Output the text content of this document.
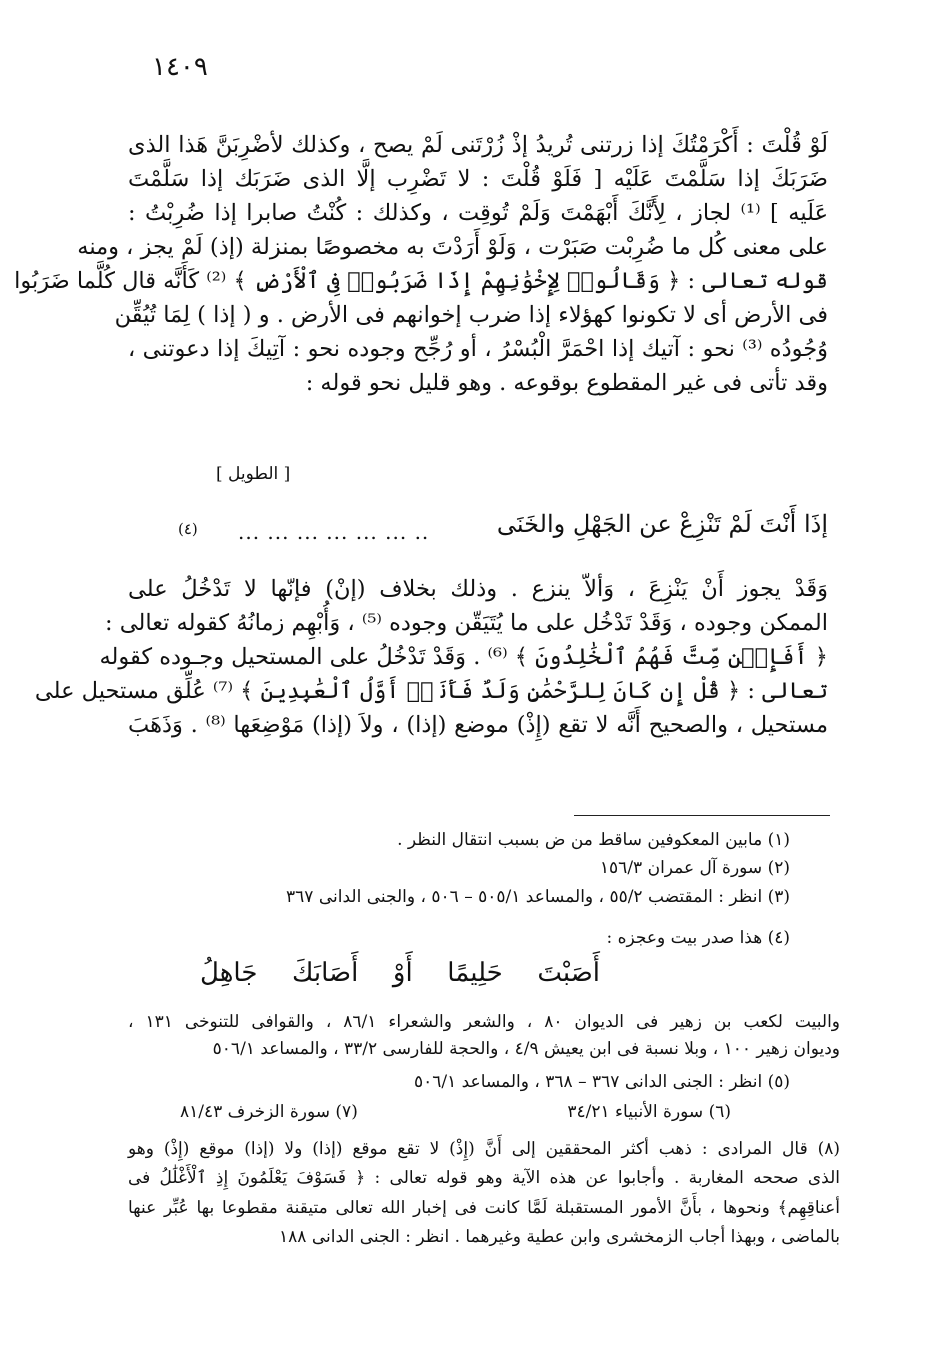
١٤٠٩
لَوْ قُلْتَ : أَكْرَمْتُكَ إذا زرتنى تُريدُ إذْ زُرْتَنى لَمْ يصح ، وكذلك لأضْرِبَنَّ هَذا الذى
ضَرَبَكَ إذا سَلَّمْتَ عَلَيْه [ فَلَوْ قُلْتَ : لا تَضْرِب إلَّا الذى ضَرَبَك إذا سَلَّمْتَ
عَلَيه ] ⁽¹⁾ لجاز ، لِأَنَّكَ أَبْهَمْتَ وَلَمْ تُوقِت ، وكذلك : كُنْتُ صابرا إذا ضُرِبْتُ :
على معنى كُل ما ضُرِبْت صَبَرْت ، وَلَوْ أَرَدْتَ به مخصوصًا بمنزلة (إذ) لَمْ يجز ، ومنه
قوله تعالى : ﴿ وَقَالُوا۟ لِإِخْوَٰنِهِمْ إِذَا ضَرَبُوا۟ فِى ٱلْأَرْضِ ﴾ ⁽²⁾ كَأَنَّه قال كُلَّما ضَرَبُوا
فى الأرض أى لا تكونوا كهؤلاء إذا ضرب إخوانهم فى الأرض . و ( إذا ) لِمَا تُيُقِّن
وُجُودُه ⁽³⁾ نحو : آتيك إذا احْمَرَّ الْبُسْرُ ، أو رُجِّح وجوده نحو : آتِيكَ إذا دعوتنى ،
وقد تأتى فى غير المقطوع بوقوعه . وهو قليل نحو قوله :
[ الطويل ]
إذَا أَنْتَ لَمْ تَنْزِعْ عن الجَهْلِ والخَنَى
... ... ... ... ... ... ..
(٤)
وَقَدْ يجوز أَنْ يَنْزِعَ ، وَألاّ ينزع . وذلك بخلاف (إنْ) فإنّها لا تَدْخُلُ على
الممكن وجوده ، وَقَدْ تَدْخُل على ما يُتَيَقّن وجوده ⁽⁵⁾ ، وَأُبْهِم زمانُهُ كقوله تعالى :
﴿ أَفَإِي۟ن مِّتَّ فَهُمُ ٱلْخَٰلِدُونَ ﴾ ⁽⁶⁾ . وَقَدْ تَدْخُلُ على المستحيل وجـوده كقوله
تعالى : ﴿ قُلْ إِن كَانَ لِلرَّحْمَٰنِ وَلَدٌ فَأَنَا۠ أَوَّلُ ٱلْعَٰبِدِينَ ﴾ ⁽⁷⁾ عُلِّق مستحيل على
مستحيل ، والصحيح أَنَّه لا تقع (إِذْ) موضع (إذا) ، ولاَ (إذا) مَوْضِعَها ⁽⁸⁾ . وَذَهَبَ
(١) مابين المعكوفين ساقط من ض بسبب انتقال النظر .
(٢) سورة آل عمران ١٥٦/٣
(٣) انظر : المقتضب ٥٥/٢ ، والمساعد ٥٠٥/١ – ٥٠٦ ، والجنى الدانى ٣٦٧
(٤) هذا صدر بيت وعجزه :
والبيت لكعب بن زهير فى الديوان ٨٠ ، والشعر والشعراء ٨٦/١ ، والقوافى للتنوخى ١٣١ ،
وديوان زهير ١٠٠ ، وبلا نسبة فى ابن يعيش ٤/٩ ، والحجة للفارسى ٣٣/٢ ، والمساعد ٥٠٦/١
(٥) انظر : الجنى الدانى ٣٦٧ – ٣٦٨ ، والمساعد ٥٠٦/١
(٨) قال المرادى : ذهب أكثر المحققين إلى أَنَّ (إِذْ) لا تقع موقع (إذا) ولا (إذا) موقع (إِذْ) وهو
الذى صححه المغاربة . وأجابوا عن هذه الآية وهو قوله تعالى : ﴿ فَسَوْفَ يَعْلَمُونَ إِذِ ٱلْأَغْلَٰلُ فى
أعناقِهِم﴾ ونحوها ، بأَنَّ الأمور المستقبلة لَمَّا كانت فى إخبار الله تعالى متيقنة مقطوعا بها عُبِّر عنها
بالماضى ، وبهذا أجاب الزمخشرى وابن عطية وغيرهما . انظر : الجنى الدانى ١٨٨
أَصَبْتَ حَلِيمًا أَوْ أَصَابَكَ جَاهِلُ
(٦) سورة الأنبياء ٣٤/٢١
(٧) سورة الزخرف ٨١/٤٣
